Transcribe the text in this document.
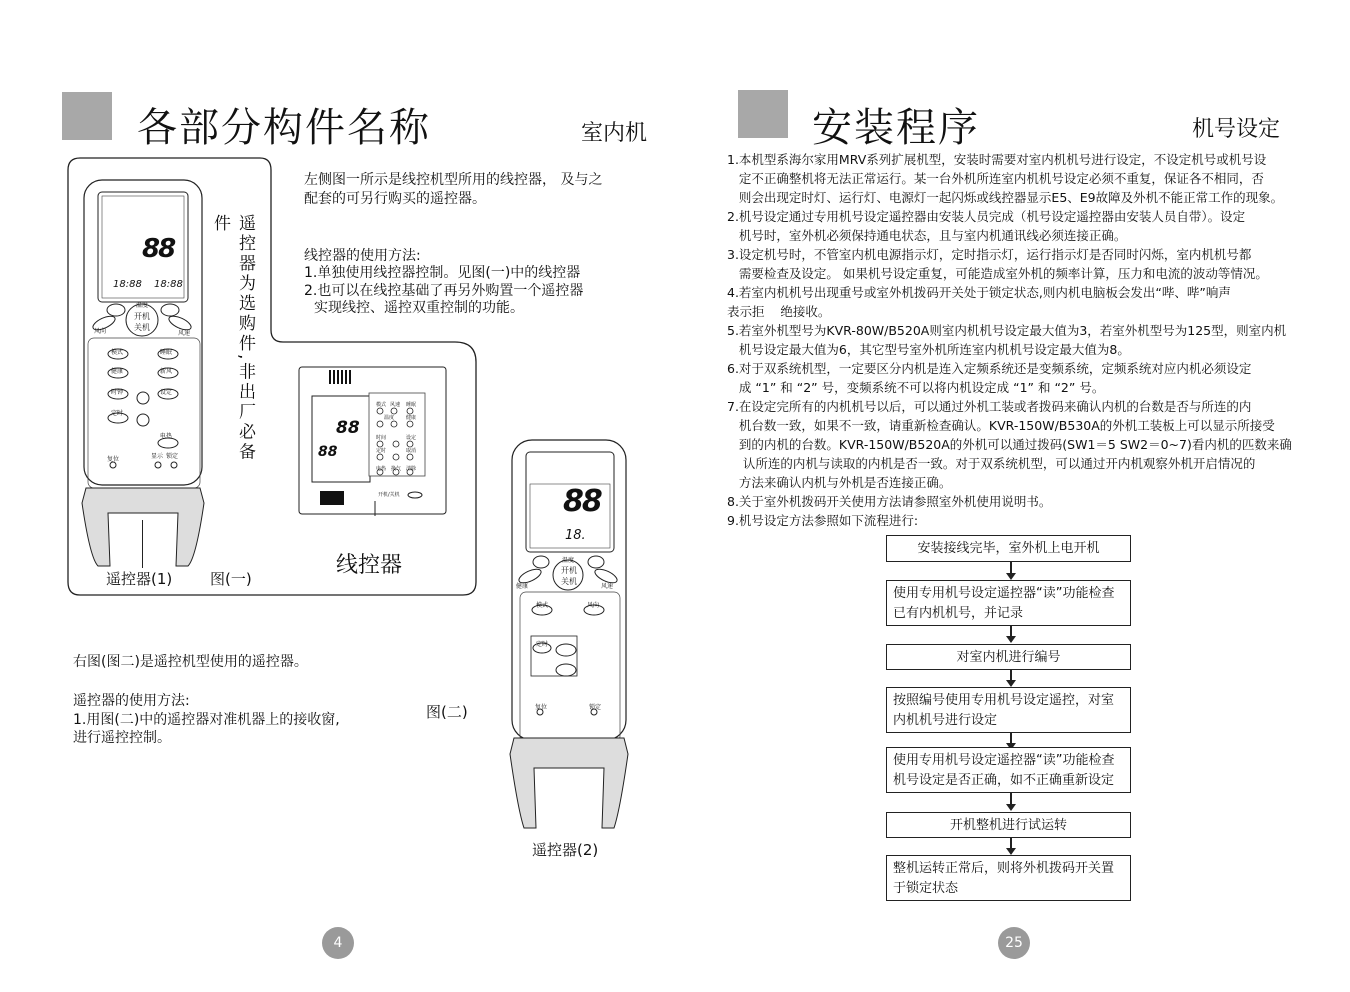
各部分构件名称	室内机
88
18:88 18:88
温度
开机
关机
风向	风速
模式	睡眠
健康	新风
时钟	设定
定时
电热
复位	显示 锁定	遥控器为选购件,非出厂必备件
遥控器(1)	图(一)
左侧图一所示是线控机型所用的线控器， 及与之配套的可另行购买的遥控器。
线控器的使用方法:
1.单独使用线控器控制。见图(一)中的线控器
2.也可以在线控基础了再另外购置一个遥控器
实现线控、遥控双重控制的功能。
88
88
模式 风速 睡眠
温度 健康
时间	设定
定时	取消
电热 换气 清除
开机/关机
线控器
右图(图二)是遥控机型使用的遥控器。
遥控器的使用方法:
1.用图(二)中的遥控器对准机器上的接收窗,
进行遥控控制。
图(二)
88
18.
温度
开机
关机
健康	风速
模式	风向
定时
复位	锁定
遥控器(2)
4
安装程序	机号设定
1.本机型系海尔家用MRV系列扩展机型，安装时需要对室内机机号进行设定，不设定机号或机号设
定不正确整机将无法正常运行。某一台外机所连室内机机号设定必须不重复，保证各不相同，否
则会出现定时灯、运行灯、电源灯一起闪烁或线控器显示E5、E9故障及外机不能正常工作的现象。
2.机号设定通过专用机号设定遥控器由安装人员完成（机号设定遥控器由安装人员自带）。设定
机号时，室外机必须保持通电状态，且与室内机通讯线必须连接正确。
3.设定机号时，不管室内机电源指示灯，定时指示灯，运行指示灯是否同时闪烁，室内机机号都
需要检查及设定。 如果机号设定重复，可能造成室外机的频率计算，压力和电流的波动等情况。
4.若室内机机号出现重号或室外机拨码开关处于锁定状态,则内机电脑板会发出“哔、哔”响声
表示拒    绝接收。
5.若室外机型号为KVR-80W/B520A则室内机机号设定最大值为3，若室外机型号为125型，则室内机
机号设定最大值为6，其它型号室外机所连室内机机号设定最大值为8。
6.对于双系统机型，一定要区分内机是连入定频系统还是变频系统，定频系统对应内机必须设定
成 “1” 和 “2” 号，变频系统不可以将内机设定成 “1” 和 “2” 号。
7.在设定完所有的内机机号以后，可以通过外机工装或者拨码来确认内机的台数是否与所连的内
机台数一致，如果不一致，请重新检查确认。KVR-150W/B530A的外机工装板上可以显示所接受
到的内机的台数。KVR-150W/B520A的外机可以通过拨码(SW1＝5 SW2＝0~7)看内机的匹数来确
认所连的内机与读取的内机是否一致。对于双系统机型，可以通过开内机观察外机开启情况的
方法来确认内机与外机是否连接正确。
8.关于室外机拨码开关使用方法请参照室外机使用说明书。
9.机号设定方法参照如下流程进行:
安装接线完毕，室外机上电开机
使用专用机号设定遥控器“读”功能检查已有内机机号，并记录
对室内机进行编号
按照编号使用专用机号设定遥控，对室内机机号进行设定
使用专用机号设定遥控器“读”功能检查机号设定是否正确，如不正确重新设定
开机整机进行试运转
整机运转正常后，则将外机拨码开关置于锁定状态
25
